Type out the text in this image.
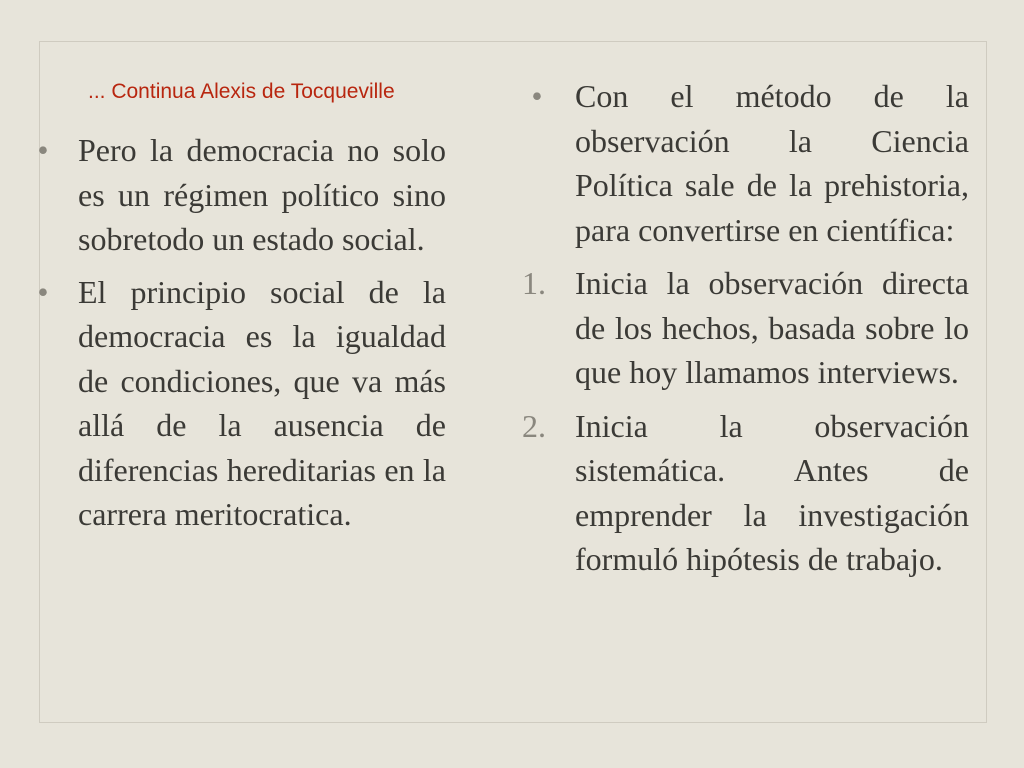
... Continua Alexis de Tocqueville
• Pero la democracia no solo es un régimen político sino sobretodo un estado social.
• El principio social de la democracia es la igualdad de condiciones, que va más allá de la ausencia de diferencias hereditarias en la carrera meritocratica.
•	Con el método de la observación la Ciencia Política sale de la prehistoria, para convertirse en científica:
1. Inicia la observación directa de los hechos, basada sobre lo que hoy llamamos interviews.
2. Inicia la observación sistemática. Antes de emprender la investigación formuló hipótesis de trabajo.
